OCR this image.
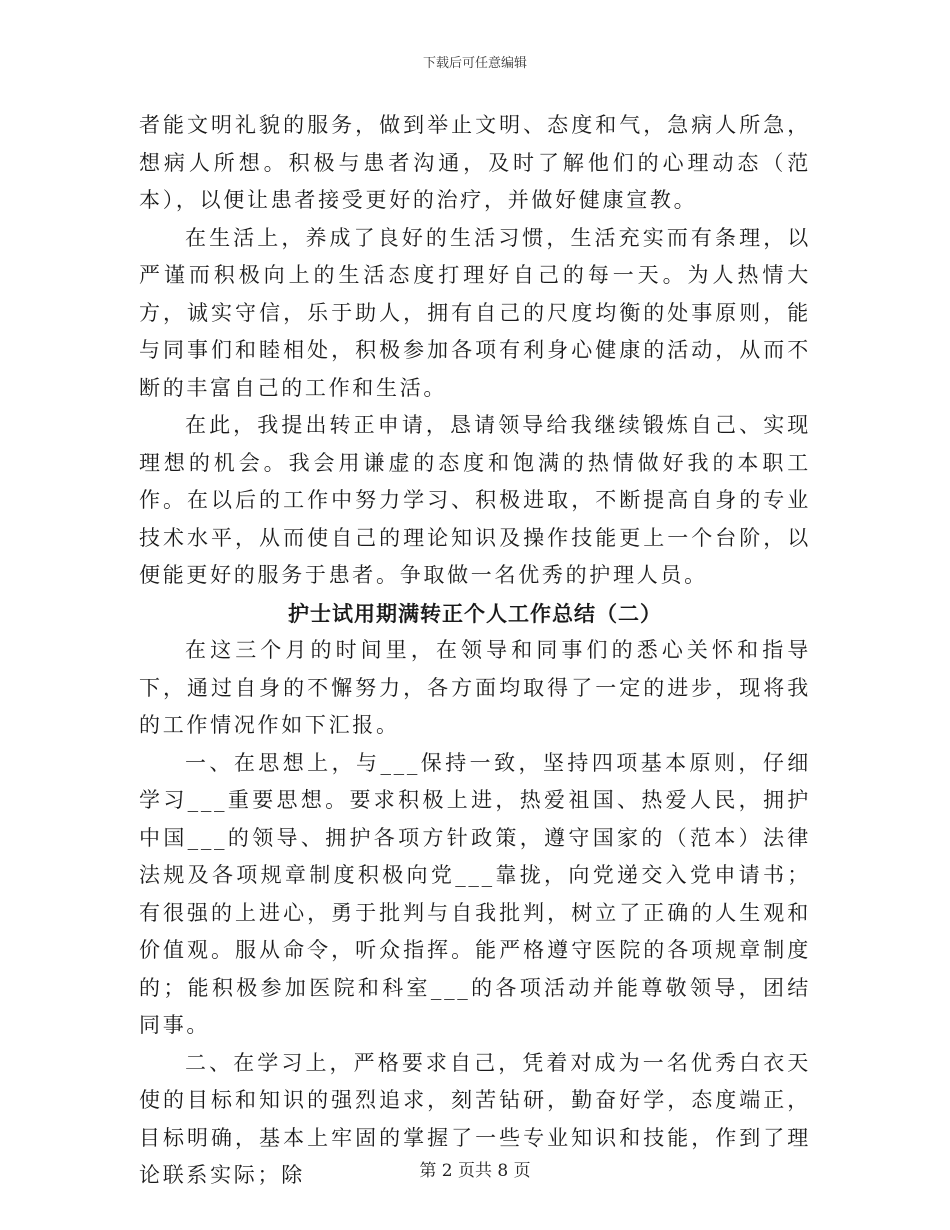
下载后可任意编辑

者能文明礼貌的服务，做到举止文明、态度和气，急病人所急，想病人所想。积极与患者沟通，及时了解他们的心理动态（范本），以便让患者接受更好的治疗，并做好健康宣教。

在生活上，养成了良好的生活习惯，生活充实而有条理，以严谨而积极向上的生活态度打理好自己的每一天。为人热情大方，诚实守信，乐于助人，拥有自己的尺度均衡的处事原则，能与同事们和睦相处，积极参加各项有利身心健康的活动，从而不断的丰富自己的工作和生活。

在此，我提出转正申请，恳请领导给我继续锻炼自己、实现理想的机会。我会用谦虚的态度和饱满的热情做好我的本职工作。在以后的工作中努力学习、积极进取，不断提高自身的专业技术水平，从而使自己的理论知识及操作技能更上一个台阶，以便能更好的服务于患者。争取做一名优秀的护理人员。

护士试用期满转正个人工作总结（二）

在这三个月的时间里，在领导和同事们的悉心关怀和指导下，通过自身的不懈努力，各方面均取得了一定的进步，现将我的工作情况作如下汇报。

一、在思想上，与___保持一致，坚持四项基本原则，仔细学习___重要思想。要求积极上进，热爱祖国、热爱人民，拥护中国___的领导、拥护各项方针政策，遵守国家的（范本）法律法规及各项规章制度积极向党___靠拢，向党递交入党申请书；有很强的上进心，勇于批判与自我批判，树立了正确的人生观和价值观。服从命令，听众指挥。能严格遵守医院的各项规章制度的；能积极参加医院和科室___的各项活动并能尊敬领导，团结同事。

二、在学习上，严格要求自己，凭着对成为一名优秀白衣天使的目标和知识的强烈追求，刻苦钻研，勤奋好学，态度端正，目标明确，基本上牢固的掌握了一些专业知识和技能，作到了理论联系实际；除	第 2 页共 8 页
